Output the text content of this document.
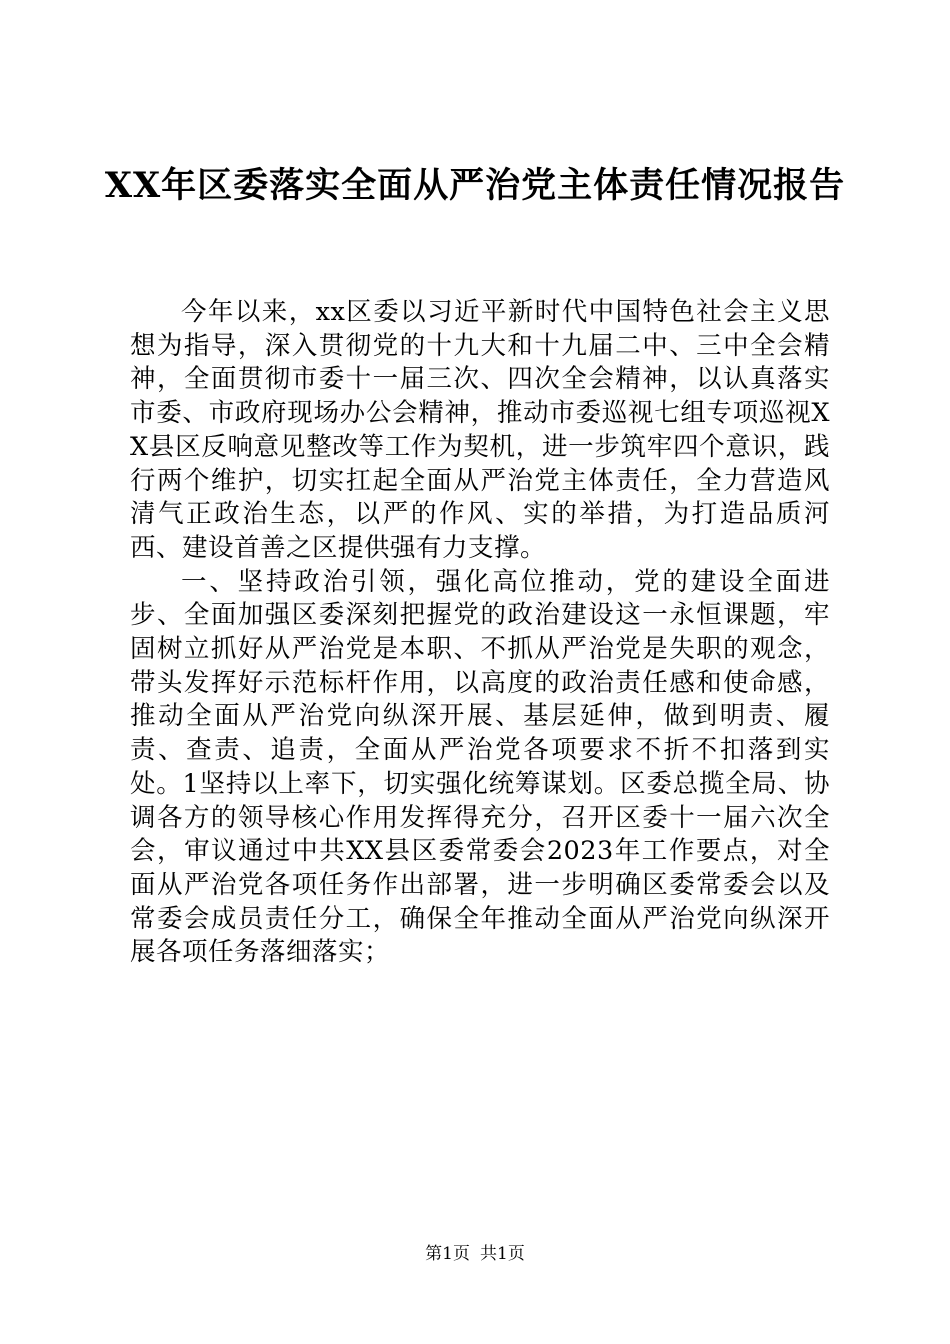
XX年区委落实全面从严治党主体责任情况报告

今年以来，xx区委以习近平新时代中国特色社会主义思想为指导，深入贯彻党的十九大和十九届二中、三中全会精神，全面贯彻市委十一届三次、四次全会精神，以认真落实市委、市政府现场办公会精神，推动市委巡视七组专项巡视XX县区反响意见整改等工作为契机，进一步筑牢四个意识，践行两个维护，切实扛起全面从严治党主体责任，全力营造风清气正政治生态，以严的作风、实的举措，为打造品质河西、建设首善之区提供强有力支撑。

一、坚持政治引领，强化高位推动，党的建设全面进步、全面加强区委深刻把握党的政治建设这一永恒课题，牢固树立抓好从严治党是本职、不抓从严治党是失职的观念，带头发挥好示范标杆作用，以高度的政治责任感和使命感，推动全面从严治党向纵深开展、基层延伸，做到明责、履责、查责、追责，全面从严治党各项要求不折不扣落到实处。1坚持以上率下，切实强化统筹谋划。区委总揽全局、协调各方的领导核心作用发挥得充分，召开区委十一届六次全会，审议通过中共XX县区委常委会2023年工作要点，对全面从严治党各项任务作出部署，进一步明确区委常委会以及常委会成员责任分工，确保全年推动全面从严治党向纵深开展各项任务落细落实；

第1页 共1页
